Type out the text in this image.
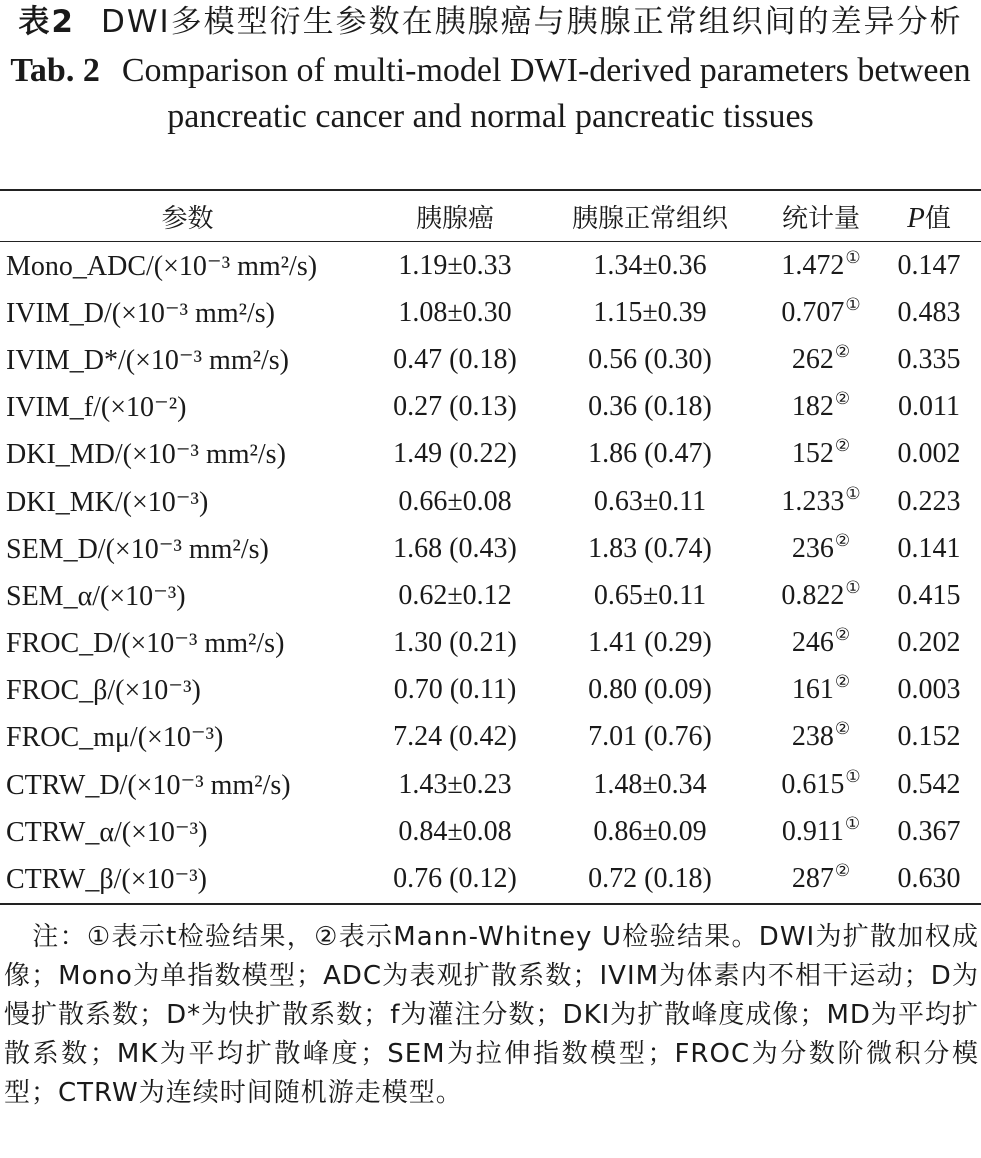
表2 DWI多模型衍生参数在胰腺癌与胰腺正常组织间的差异分析
Tab. 2 Comparison of multi-model DWI-derived parameters between pancreatic cancer and normal pancreatic tissues
参数	胰腺癌	胰腺正常组织	统计量	P值
Mono_ADC/(×10⁻³ mm²/s)	1.19±0.33	1.34±0.36	1.472①	0.147
IVIM_D/(×10⁻³ mm²/s)	1.08±0.30	1.15±0.39	0.707①	0.483
IVIM_D*/(×10⁻³ mm²/s)	0.47 (0.18)	0.56 (0.30)	262②	0.335
IVIM_f/(×10⁻²)	0.27 (0.13)	0.36 (0.18)	182②	0.011
DKI_MD/(×10⁻³ mm²/s)	1.49 (0.22)	1.86 (0.47)	152②	0.002
DKI_MK/(×10⁻³)	0.66±0.08	0.63±0.11	1.233①	0.223
SEM_D/(×10⁻³ mm²/s)	1.68 (0.43)	1.83 (0.74)	236②	0.141
SEM_α/(×10⁻³)	0.62±0.12	0.65±0.11	0.822①	0.415
FROC_D/(×10⁻³ mm²/s)	1.30 (0.21)	1.41 (0.29)	246②	0.202
FROC_β/(×10⁻³)	0.70 (0.11)	0.80 (0.09)	161②	0.003
FROC_mμ/(×10⁻³)	7.24 (0.42)	7.01 (0.76)	238②	0.152
CTRW_D/(×10⁻³ mm²/s)	1.43±0.23	1.48±0.34	0.615①	0.542
CTRW_α/(×10⁻³)	0.84±0.08	0.86±0.09	0.911①	0.367
CTRW_β/(×10⁻³)	0.76 (0.12)	0.72 (0.18)	287②	0.630
注：①表示t检验结果，②表示Mann-Whitney U检验结果。DWI为扩散加权成像；Mono为单指数模型；ADC为表观扩散系数；IVIM为体素内不相干运动；D为慢扩散系数；D*为快扩散系数；f为灌注分数；DKI为扩散峰度成像；MD为平均扩散系数；MK为平均扩散峰度；SEM为拉伸指数模型；FROC为分数阶微积分模型；CTRW为连续时间随机游走模型。
